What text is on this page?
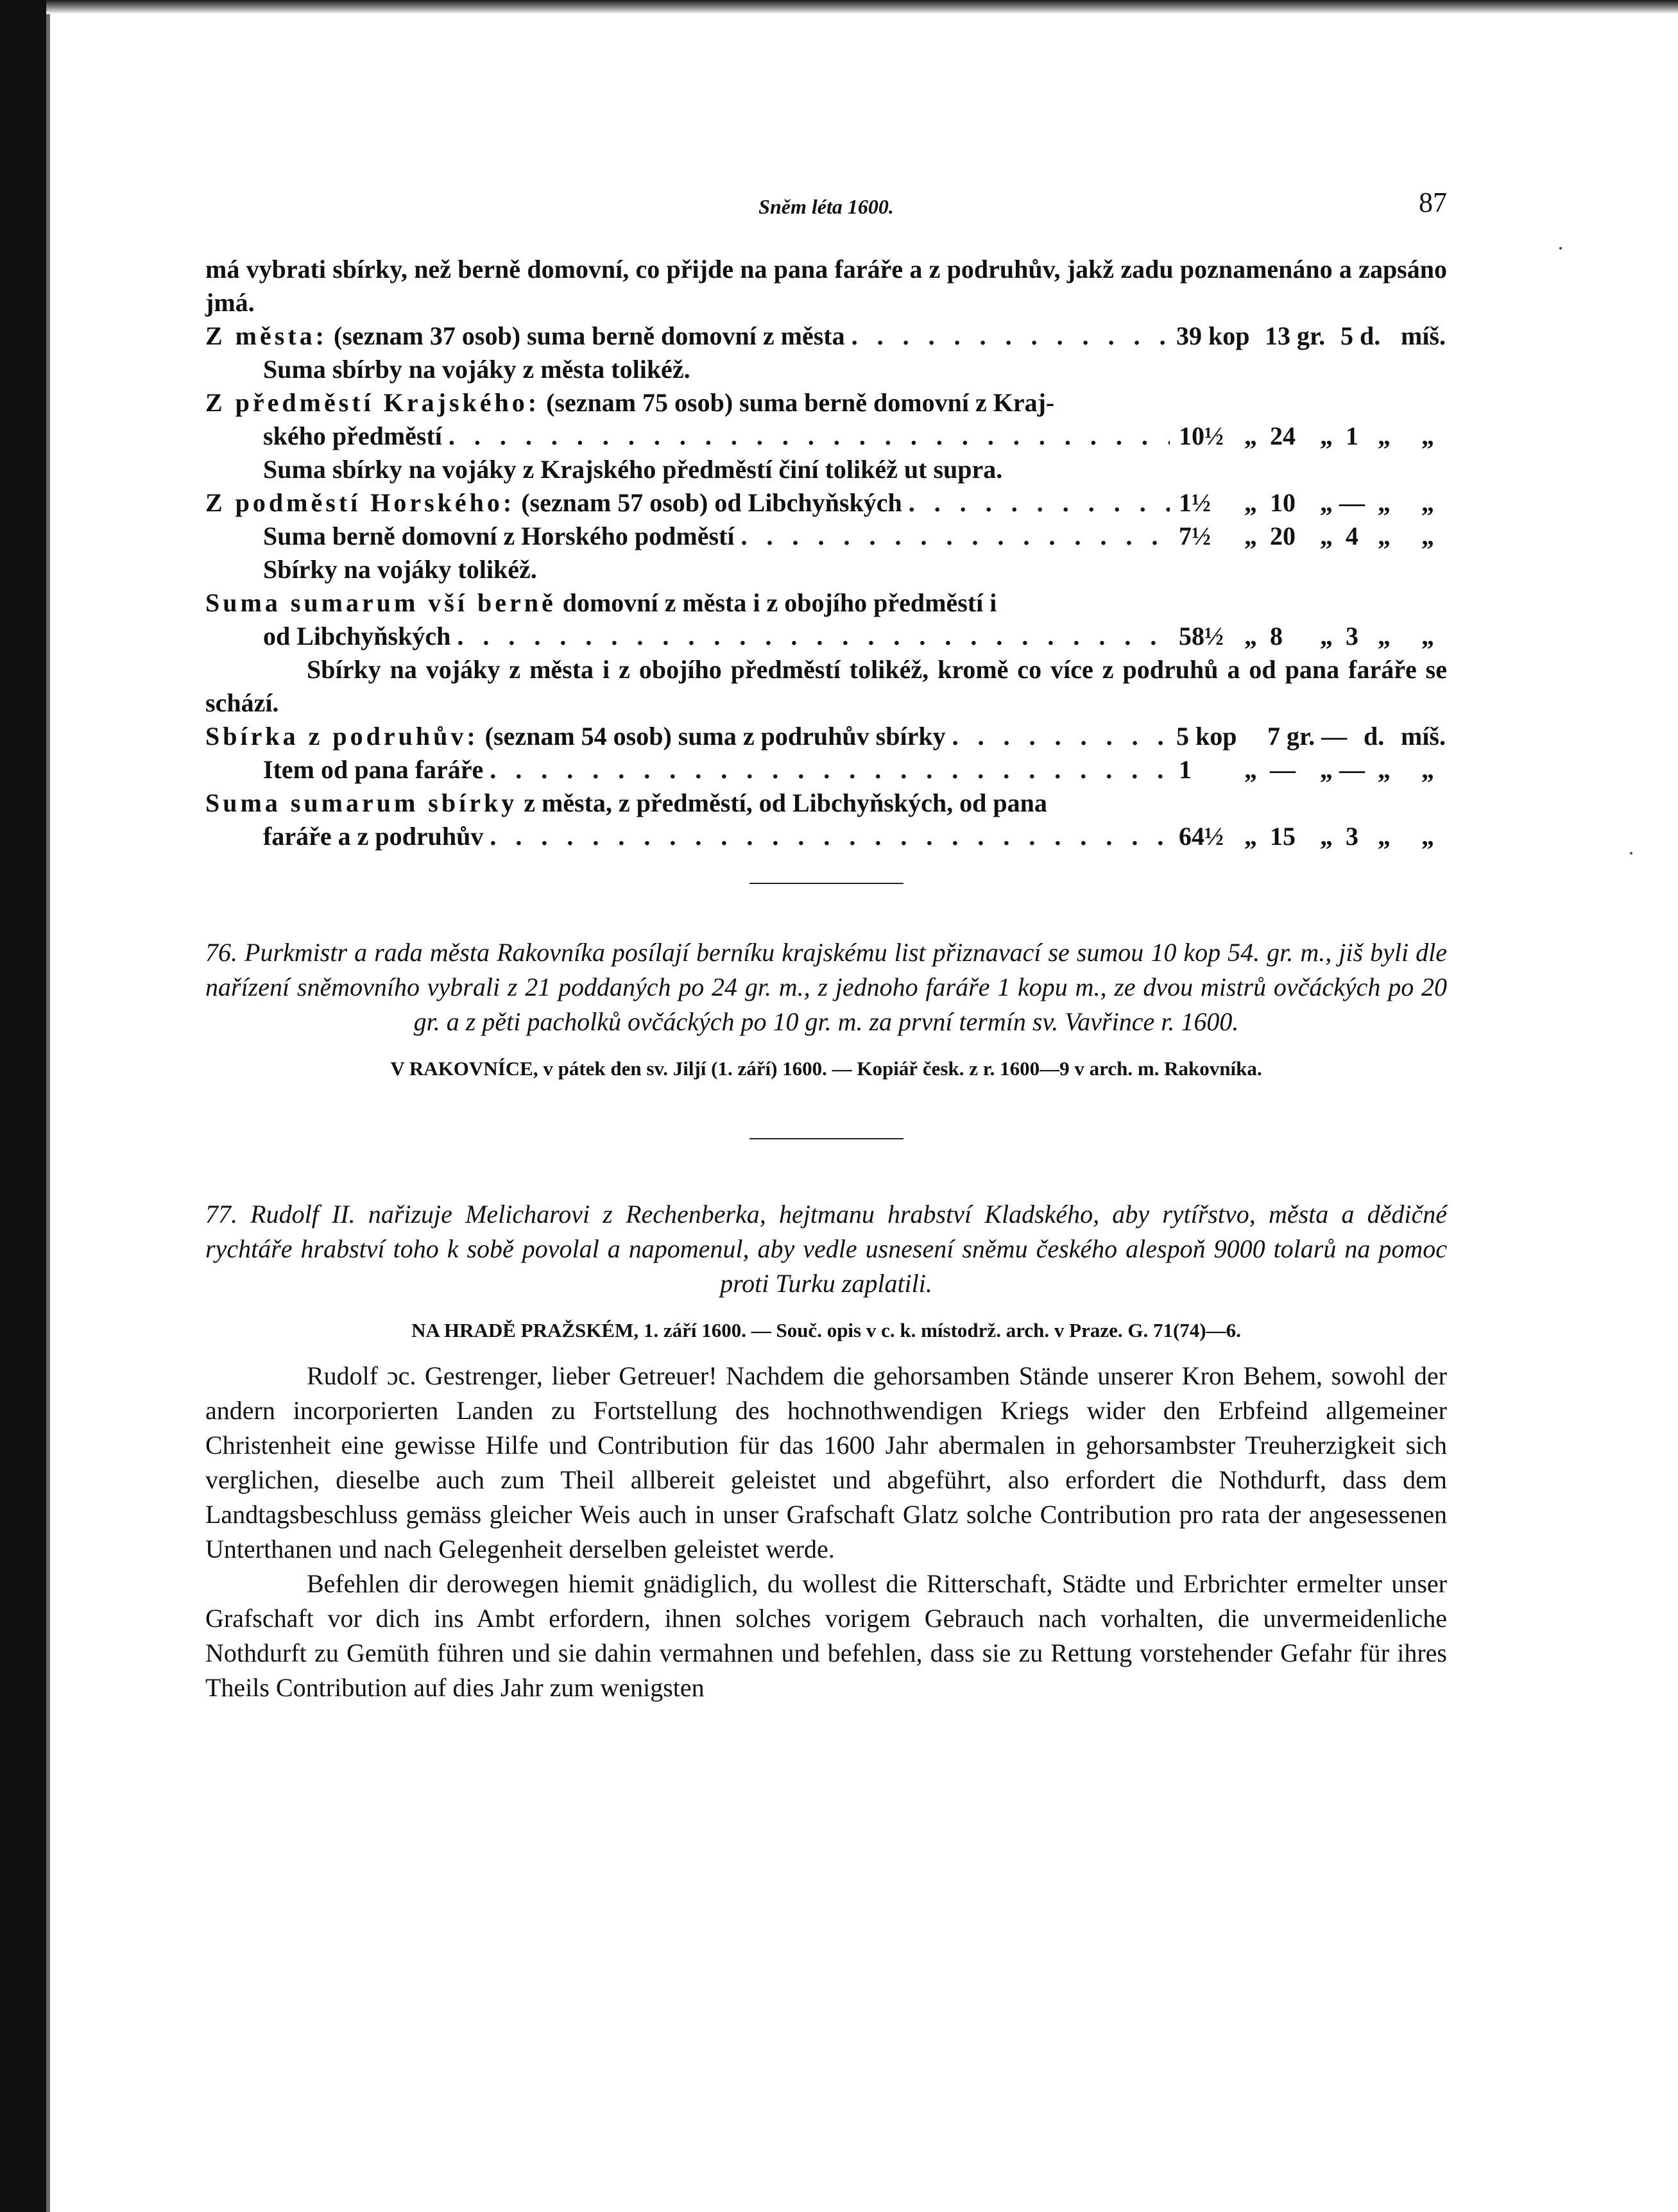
Sněm léta 1600.	87

má vybrati sbírky, než berně domovní, co přijde na pana faráře a z podruhův, jakž zadu poznamenáno a zapsáno jmá.

Z města: (seznam 37 osob) suma berně domovní z města . . .	39 kop 13 gr. 5 d. míš.

Suma sbírby na vojáky z města tolikéž.

Z předměstí Krajského: (seznam 75 osob) suma berně domovní z Kraj-

ského předměstí . . .	10½ „ 24 „ 1 „	„

Suma sbírky na vojáky z Krajského předměstí činí tolikéž ut supra.

Z podměstí Horského: (seznam 57 osob) od Libchyňských . . .	1½	„ 10 „ — „	„
Suma berně domovní z Horského podměstí . . .	7½	„ 20 „ 4 „	„

Sbírky na vojáky tolikéž.

Suma sumarum vší berně domovní z města i z obojího předměstí i

od Libchyňských . . .	58½ „ 8	„ 3 „	„

Sbírky na vojáky z města i z obojího předměstí tolikéž, kromě co více z podruhů a od pana faráře se schází.

Sbírka z podruhův: (seznam 54 osob) suma z podruhův sbírky . . .	5 kop	7 gr. — d. míš.
Item od pana faráře . . .	1	„ — „ — „	„

Suma sumarum sbírky z města, z předměstí, od Libchyňských, od pana

faráře a z podruhův . . .	64½ „ 15 „ 3 „	„

76. Purkmistr a rada města Rakovníka posílají berníku krajskému list přiznavací se sumou 10 kop 54. gr. m., jiš byli dle nařízení sněmovního vybrali z 21 poddaných po 24 gr. m., z jednoho faráře 1 kopu m., ze dvou mistrů ovčáckých po 20 gr. a z pěti pacholků ovčáckých po 10 gr. m. za první termín sv. Vavřince r. 1600.

V RAKOVNÍCE, v pátek den sv. Jiljí (1. září) 1600. — Kopiář česk. z r. 1600—9 v arch. m. Rakovníka.

77. Rudolf II. nařizuje Melicharovi z Rechenberka, hejtmanu hrabství Kladského, aby rytířstvo, města a dědičné rychtáře hrabství toho k sobě povolal a napomenul, aby vedle usnesení sněmu českého alespoň 9000 tolarů na pomoc proti Turku zaplatili.

NA HRADĚ PRAŽSKÉM, 1. září 1600. — Souč. opis v c. k. místodrž. arch. v Praze. G. 71(74)—6.

Rudolf ɔc. Gestrenger, lieber Getreuer! Nachdem die gehorsamben Stände unserer Kron Behem, sowohl der andern incorporierten Landen zu Fortstellung des hochnothwendigen Kriegs wider den Erbfeind allgemeiner Christenheit eine gewisse Hilfe und Contribution für das 1600 Jahr abermalen in gehorsambster Treuherzigkeit sich verglichen, dieselbe auch zum Theil allbereit geleistet und abgeführt, also erfordert die Nothdurft, dass dem Landtagsbeschluss gemäss gleicher Weis auch in unser Grafschaft Glatz solche Contribution pro rata der angesessenen Unterthanen und nach Gelegenheit derselben geleistet werde.

Befehlen dir derowegen hiemit gnädiglich, du wollest die Ritterschaft, Städte und Erbrichter ermelter unser Grafschaft vor dich ins Ambt erfordern, ihnen solches vorigem Gebrauch nach vorhalten, die unvermeidenliche Nothdurft zu Gemüth führen und sie dahin vermahnen und befehlen, dass sie zu Rettung vorstehender Gefahr für ihres Theils Contribution auf dies Jahr zum wenigsten
